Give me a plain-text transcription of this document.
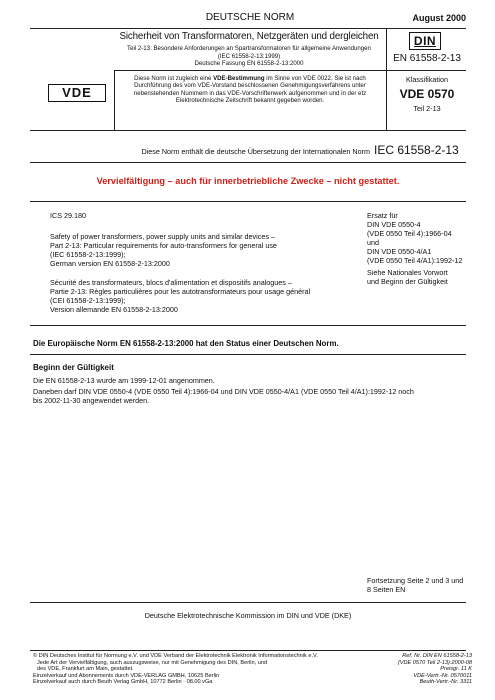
DEUTSCHE NORM	August 2000
Sicherheit von Transformatoren, Netzgeräten und dergleichen
Teil 2-13: Besondere Anforderungen an Spartransformatoren für allgemeine Anwendungen
(IEC 61558-2-13:1999)
Deutsche Fassung EN 61558-2-13:2000
DIN
EN 61558-2-13
VDE
Diese Norm ist zugleich eine VDE-Bestimmung im Sinne von VDE 0022. Sie ist nach Durchführung des vom VDE-Vorstand beschlossenen Genehmigungsverfahrens unter nebenstehenden Nummern in das VDE-Vorschriftenwerk aufgenommen und in der etz Elektrotechnische Zeitschrift bekannt gegeben worden.
Klassifikation
VDE 0570
Teil 2-13
Diese Norm enthält die deutsche Übersetzung der Internationalen Norm IEC 61558-2-13
Vervielfältigung – auch für innerbetriebliche Zwecke – nicht gestattet.
ICS 29.180
Safety of power transformers, power supply units and similar devices –
Part 2-13: Particular requirements for auto-transformers for general use
(IEC 61558-2-13:1999);
German version EN 61558-2-13:2000
Sécurité des transformateurs, blocs d'alimentation et dispositifs analogues –
Partie 2-13: Règles particulières pour les autotransformateurs pour usage général
(CEI 61558-2-13:1999);
Version allemande EN 61558-2-13:2000
Ersatz für
DIN VDE 0550-4
(VDE 0550 Teil 4):1966-04
und
DIN VDE 0550-4/A1
(VDE 0550 Teil 4/A1):1992-12
Siehe Nationales Vorwort
und Beginn der Gültigkeit
Die Europäische Norm EN 61558-2-13:2000 hat den Status einer Deutschen Norm.
Beginn der Gültigkeit
Die EN 61558-2-13 wurde am 1999-12-01 angenommen.
Daneben darf DIN VDE 0550-4 (VDE 0550 Teil 4):1966-04 und DIN VDE 0550-4/A1 (VDE 0550 Teil 4/A1):1992-12 noch
bis 2002-11-30 angewendet werden.
Fortsetzung Seite 2 und 3 und
8 Seiten EN
Deutsche Elektrotechnische Kommission im DIN und VDE (DKE)
© DIN Deutsches Institut für Normung e.V. und VDE Verband der Elektrotechnik Elektronik Informationstechnik e.V.
Jede Art der Vervielfältigung, auch auszugsweise, nur mit Genehmigung des DIN, Berlin, und
des VDE, Frankfurt am Main, gestattet.
Einzelverkauf und Abonnements durch VDE-VERLAG GMBH, 10625 Berlin
Einzelverkauf auch durch Beuth Verlag GmbH, 10772 Berlin · 08.00 vGa
Ref. Nr. DIN EN 61558-2-13
(VDE 0570 Teil 2-13):2000-08
Preisgr. 11 K
VDE-Vertr.-Nr. 0570011
Beuth-Vertr.-Nr. 3311
